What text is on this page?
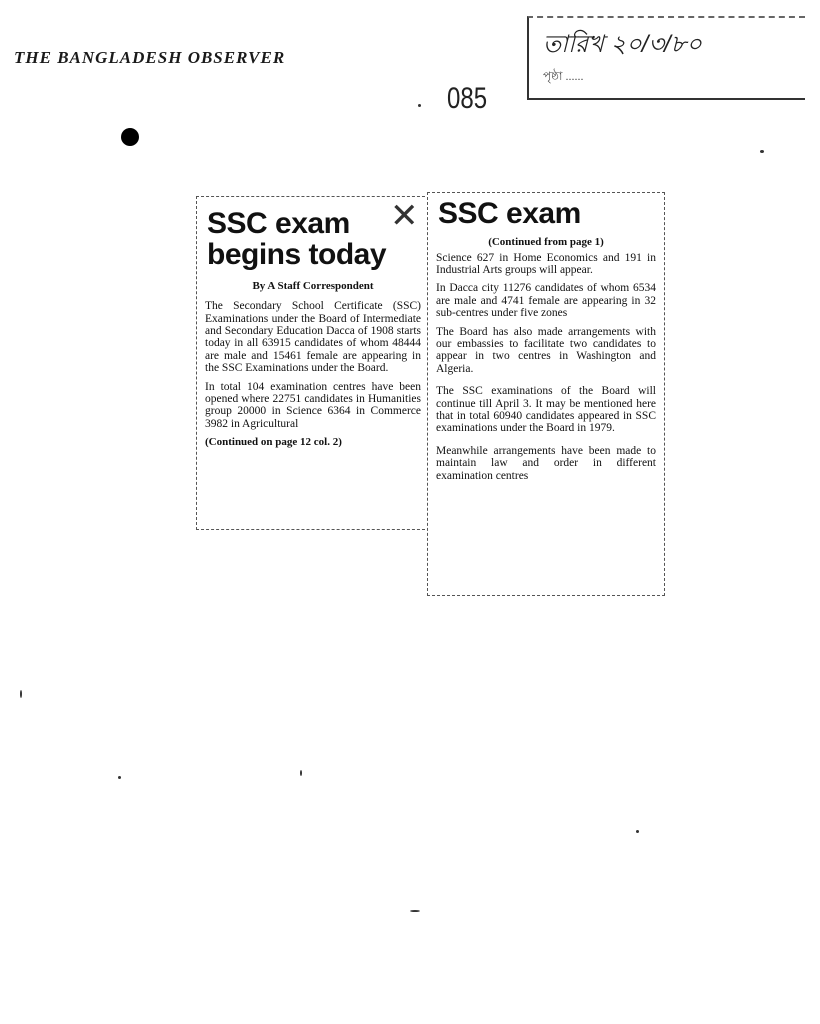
THE BANGLADESH OBSERVER	তারিখ ২০/৩/৮০
পৃষ্ঠা ......
085
SSC exam
begins today
By A Staff Correspondent

The Secondary School Certificate (SSC) Examinations under the Board of Intermediate and Secondary Education Dacca of 1908 starts today in all 63915 candidates of whom 48444 are male and 15461 female are appearing in the SSC Examinations under the Board.

In total 104 examination centres have been opened where 22751 candidates in Humanities group 20000 in Science 6364 in Commerce 3982 in Agricultural

(Continued on page 12 col. 2)
✕ SSC exam
(Continued from page 1)

Science 627 in Home Economics and 191 in Industrial Arts groups will appear.

In Dacca city 11276 candidates of whom 6534 are male and 4741 female are appearing in 32 sub-centres under five zones

The Board has also made arrangements with our embassies to facilitate two candidates to appear in two centres in Washington and Algeria.

The SSC examinations of the Board will continue till April 3. It may be mentioned here that in total 60940 candidates appeared in SSC examinations under the Board in 1979.

Meanwhile arrangements have been made to maintain law and order in different examination centres
